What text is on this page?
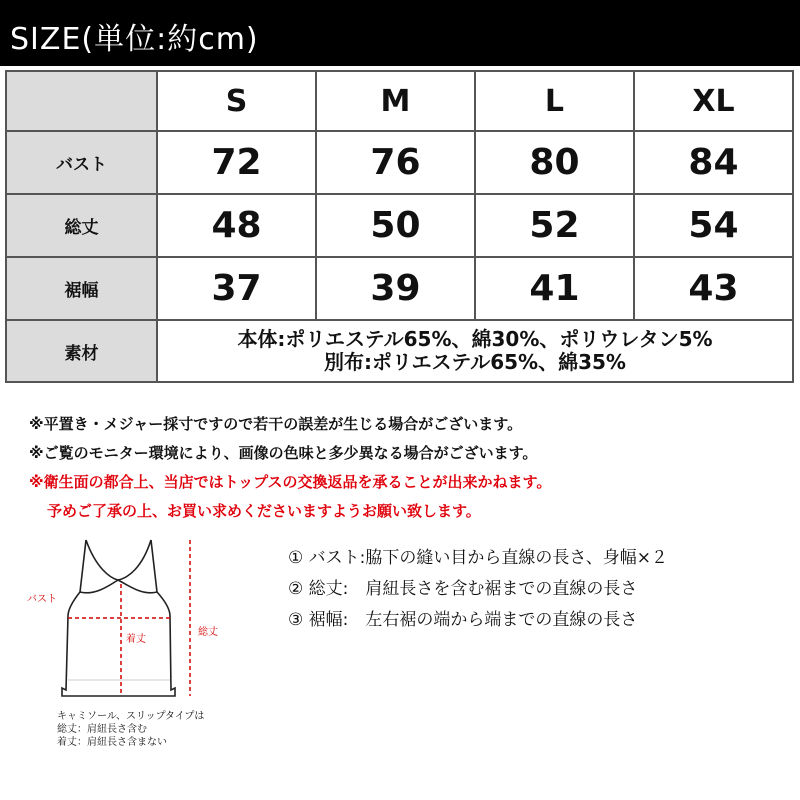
SIZE(単位:約cm)
	S	M	L	XL
バスト	72	76	80	84
総丈	48	50	52	54
裾幅	37	39	41	43
素材	本体:ポリエステル65%、綿30%、ポリウレタン5%
別布:ポリエステル65%、綿35%			
※平置き・メジャー採寸ですので若干の誤差が生じる場合がございます。
※ご覧のモニター環境により、画像の色味と多少異なる場合がございます。
※衛生面の都合上、当店ではトップスの交換返品を承ることが出来かねます。
予めご了承の上、お買い求めくださいますようお願い致します。
バスト
着丈
総丈
キャミソール、スリップタイプは
総丈：肩紐長さ含む
着丈：肩紐長さ含まない
① バスト:脇下の縫い目から直線の長さ、身幅×２
② 総丈:　肩紐長さを含む裾までの直線の長さ
③ 裾幅:　左右裾の端から端までの直線の長さ
